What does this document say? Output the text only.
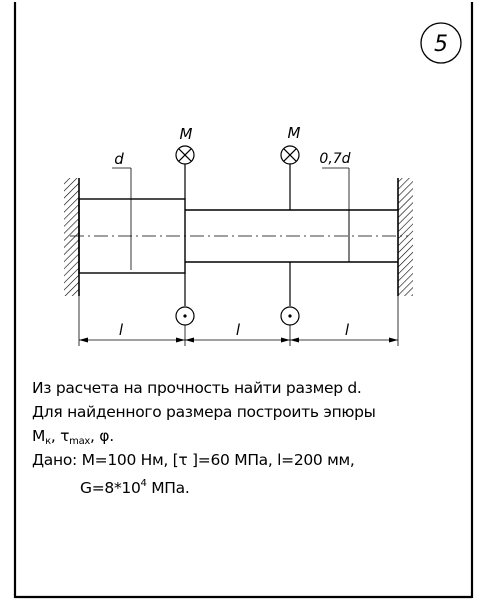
5
d	0,7d
M	M
l	l	l
Из расчета на прочность найти размер d.
Для найденного размера построить эпюры
$M_к$, $\tau_{max}$, φ.
Дано: M=100 Нм, [τ ]=60 МПа, l=200 мм,
$G=8*10^4$ МПа.
